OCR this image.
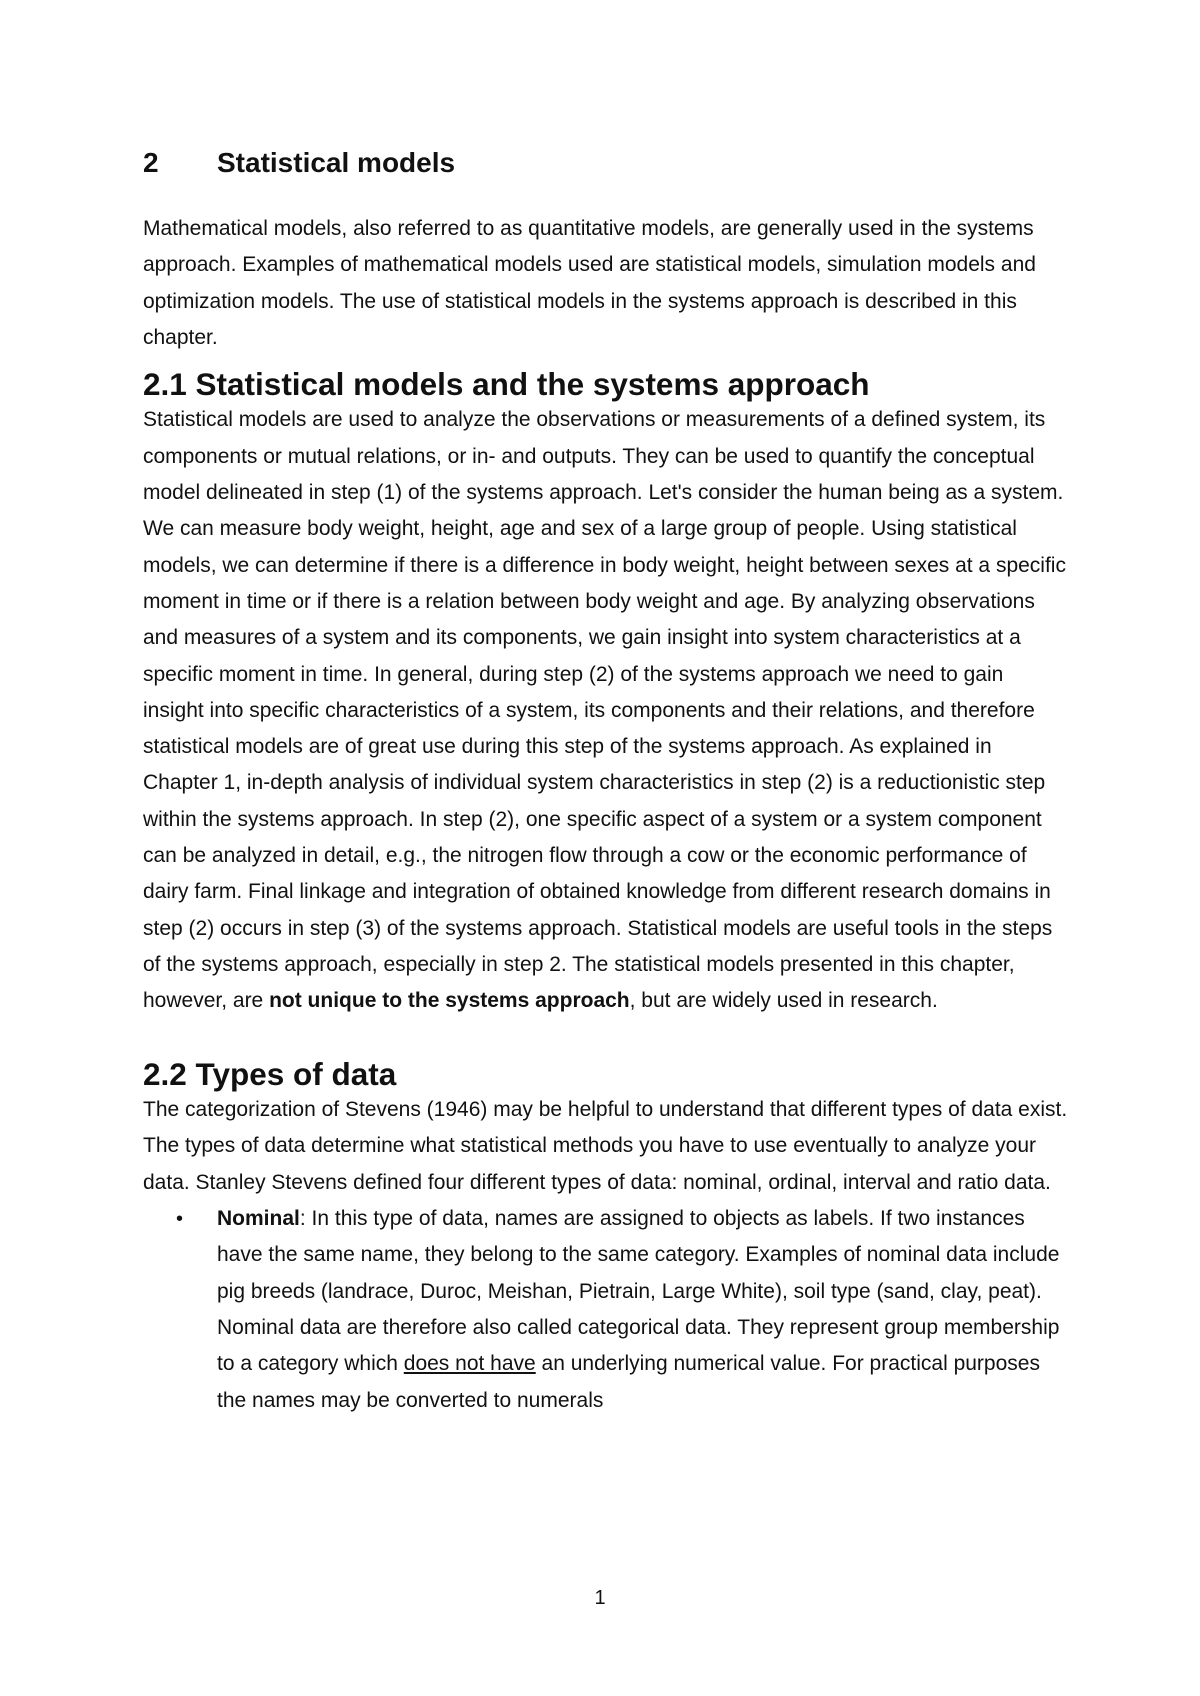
2 Statistical models

Mathematical models, also referred to as quantitative models, are generally used in the systems approach. Examples of mathematical models used are statistical models, simulation models and optimization models. The use of statistical models in the systems approach is described in this chapter.

2.1 Statistical models and the systems approach

Statistical models are used to analyze the observations or measurements of a defined system, its components or mutual relations, or in- and outputs. They can be used to quantify the conceptual model delineated in step (1) of the systems approach. Let's consider the human being as a system. We can measure body weight, height, age and sex of a large group of people. Using statistical models, we can determine if there is a difference in body weight, height between sexes at a specific moment in time or if there is a relation between body weight and age. By analyzing observations and measures of a system and its components, we gain insight into system characteristics at a specific moment in time. In general, during step (2) of the systems approach we need to gain insight into specific characteristics of a system, its components and their relations, and therefore statistical models are of great use during this step of the systems approach. As explained in Chapter 1, in-depth analysis of individual system characteristics in step (2) is a reductionistic step within the systems approach. In step (2), one specific aspect of a system or a system component can be analyzed in detail, e.g., the nitrogen flow through a cow or the economic performance of dairy farm. Final linkage and integration of obtained knowledge from different research domains in step (2) occurs in step (3) of the systems approach. Statistical models are useful tools in the steps of the systems approach, especially in step 2. The statistical models presented in this chapter, however, are not unique to the systems approach, but are widely used in research.

2.2 Types of data

The categorization of Stevens (1946) may be helpful to understand that different types of data exist. The types of data determine what statistical methods you have to use eventually to analyze your data. Stanley Stevens defined four different types of data: nominal, ordinal, interval and ratio data.

• Nominal: In this type of data, names are assigned to objects as labels. If two instances have the same name, they belong to the same category. Examples of nominal data include pig breeds (landrace, Duroc, Meishan, Pietrain, Large White), soil type (sand, clay, peat). Nominal data are therefore also called categorical data. They represent group membership to a category which does not have an underlying numerical value. For practical purposes the names may be converted to numerals
1
